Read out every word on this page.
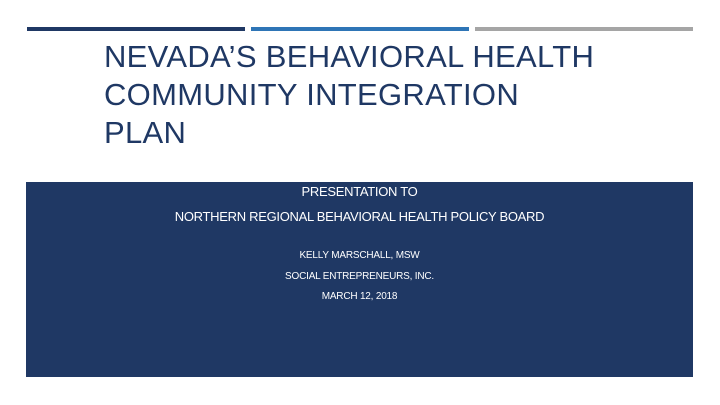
NEVADA’S BEHAVIORAL HEALTH
COMMUNITY INTEGRATION
PLAN
PRESENTATION TO
NORTHERN REGIONAL BEHAVIORAL HEALTH POLICY BOARD
KELLY MARSCHALL, MSW
SOCIAL ENTREPRENEURS, INC.
MARCH 12, 2018
